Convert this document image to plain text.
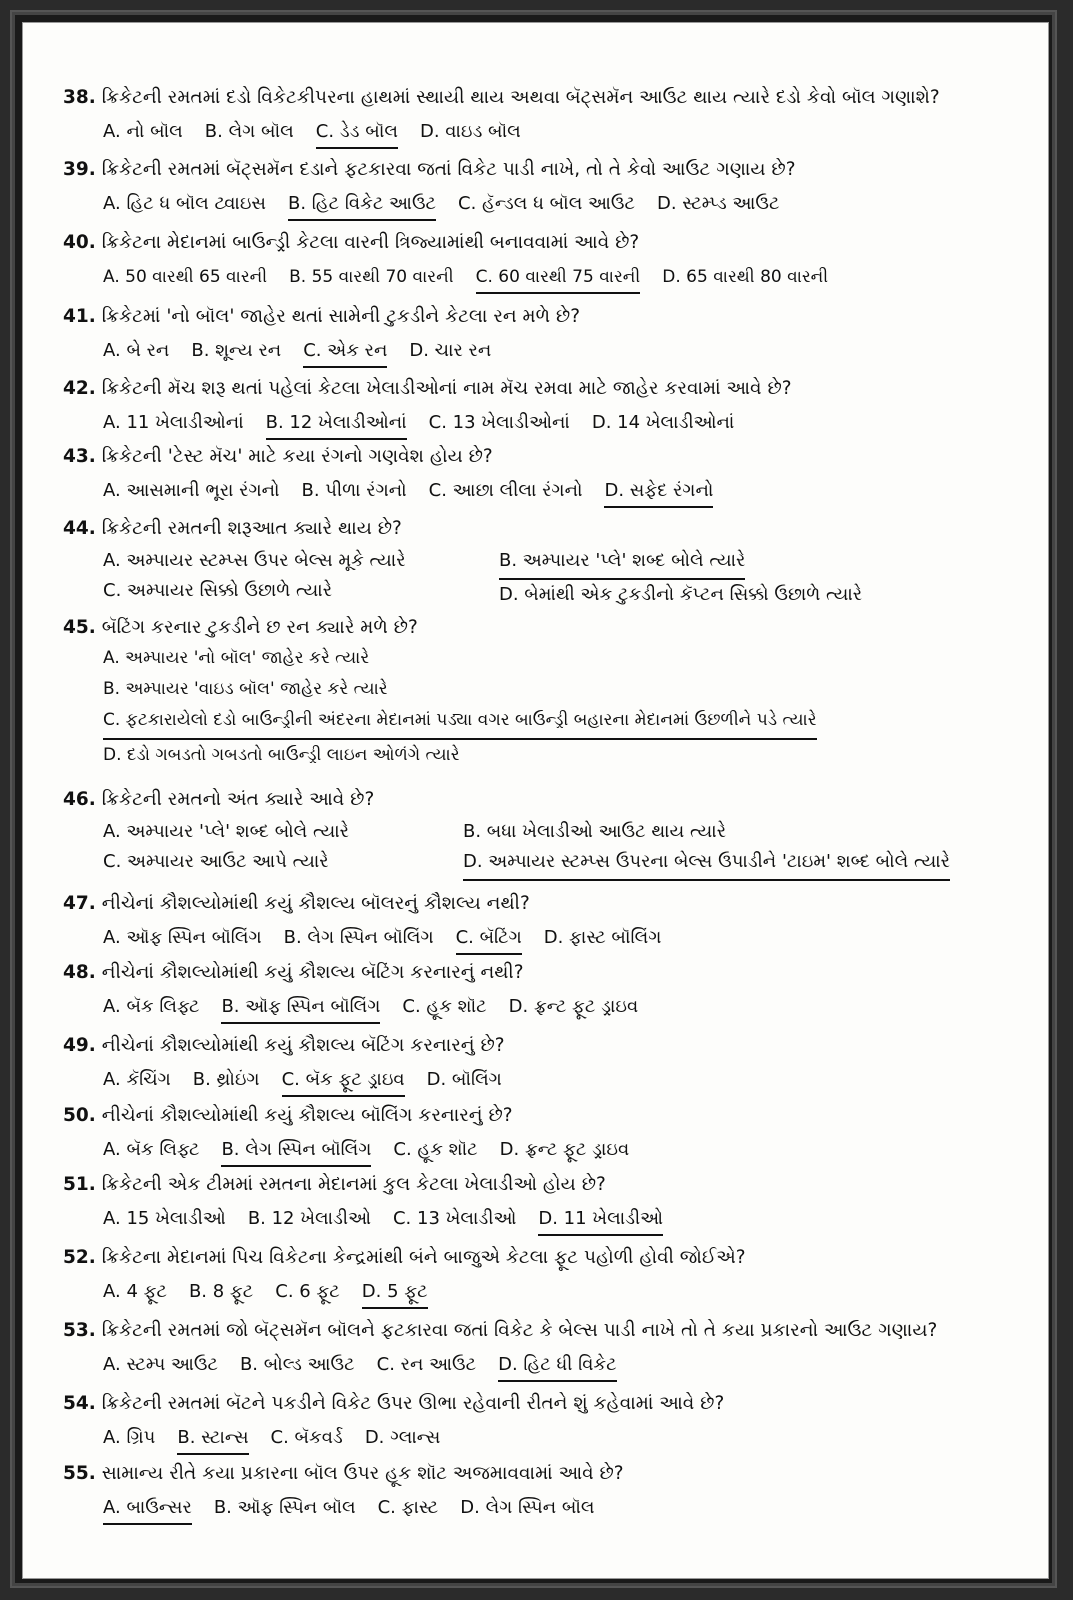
38. ક્રિકેટની રમતમાં દડો વિકેટકીપરના હાથમાં સ્થાયી થાય અથવા બૅટ્સમૅન આઉટ થાય ત્યારે દડો કેવો બૉલ ગણાશે?
A. નો બૉલ B. લેગ બૉલ C. ડેડ બૉલ D. વાઇડ બૉલ
39. ક્રિકેટની રમતમાં બૅટ્સમૅન દડાને ફટકારવા જતાં વિકેટ પાડી નાખે, તો તે કેવો આઉટ ગણાય છે?
A. હિટ ધ બૉલ ટ્વાઇસ B. હિટ વિકેટ આઉટ C. હૅન્ડલ ધ બૉલ આઉટ D. સ્ટમ્પ્ડ આઉટ
40. ક્રિકેટના મેદાનમાં બાઉન્ડ્રી કેટલા વારની ત્રિજ્યામાંથી બનાવવામાં આવે છે?
A. 50 વારથી 65 વારની B. 55 વારથી 70 વારની C. 60 વારથી 75 વારની D. 65 વારથી 80 વારની
41. ક્રિકેટમાં 'નો બૉલ' જાહેર થતાં સામેની ટુકડીને કેટલા રન મળે છે?
A. બે રન B. શૂન્ય રન C. એક રન D. ચાર રન
42. ક્રિકેટની મૅચ શરૂ થતાં પહેલાં કેટલા ખેલાડીઓનાં નામ મૅચ રમવા માટે જાહેર કરવામાં આવે છે?
A. 11 ખેલાડીઓનાં B. 12 ખેલાડીઓનાં C. 13 ખેલાડીઓનાં D. 14 ખેલાડીઓનાં
43. ક્રિકેટની 'ટેસ્ટ મૅચ' માટે કયા રંગનો ગણવેશ હોય છે?
A. આસમાની ભૂરા રંગનો B. પીળા રંગનો C. આછા લીલા રંગનો D. સફેદ રંગનો
44. ક્રિકેટની રમતની શરૂઆત ક્યારે થાય છે?
A. અમ્પાયર સ્ટમ્પ્સ ઉપર બેલ્સ મૂકે ત્યારે
C. અમ્પાયર સિક્કો ઉછાળે ત્યારે
B. અમ્પાયર 'પ્લે' શબ્દ બોલે ત્યારે
D. બેમાંથી એક ટુકડીનો કૅપ્ટન સિક્કો ઉછાળે ત્યારે
45. બૅટિંગ કરનાર ટુકડીને છ રન ક્યારે મળે છે?
A. અમ્પાયર 'નો બૉલ' જાહેર કરે ત્યારે
B. અમ્પાયર 'વાઇડ બૉલ' જાહેર કરે ત્યારે
C. ફટકારાયેલો દડો બાઉન્ડ્રીની અંદરના મેદાનમાં પડ્યા વગર બાઉન્ડ્રી બહારના મેદાનમાં ઉછળીને પડે ત્યારે
D. દડો ગબડતો ગબડતો બાઉન્ડ્રી લાઇન ઓળંગે ત્યારે

46. ક્રિકેટની રમતનો અંત ક્યારે આવે છે?
A. અમ્પાયર 'પ્લે' શબ્દ બોલે ત્યારે
C. અમ્પાયર આઉટ આપે ત્યારે
B. બધા ખેલાડીઓ આઉટ થાય ત્યારે
D. અમ્પાયર સ્ટમ્પ્સ ઉપરના બેલ્સ ઉપાડીને 'ટાઇમ' શબ્દ બોલે ત્યારે
47. નીચેનાં કૌશલ્યોમાંથી કયું કૌશલ્ય બૉલરનું કૌશલ્ય નથી?
A. ઑફ સ્પિન બૉલિંગ B. લેગ સ્પિન બૉલિંગ C. બૅટિંગ D. ફાસ્ટ બૉલિંગ
48. નીચેનાં કૌશલ્યોમાંથી કયું કૌશલ્ય બૅટિંગ કરનારનું નથી?
A. બૅક લિફ્ટ B. ઑફ સ્પિન બૉલિંગ C. હૂક શૉટ D. ફ્રન્ટ ફૂટ ડ્રાઇવ
49. નીચેનાં કૌશલ્યોમાંથી કયું કૌશલ્ય બૅટિંગ કરનારનું છે?
A. કૅચિંગ B. થ્રોઇંગ C. બૅક ફૂટ ડ્રાઇવ D. બૉલિંગ
50. નીચેનાં કૌશલ્યોમાંથી કયું કૌશલ્ય બૉલિંગ કરનારનું છે?
A. બૅક લિફ્ટ B. લેગ સ્પિન બૉલિંગ C. હૂક શૉટ D. ફ્રન્ટ ફૂટ ડ્રાઇવ
51. ક્રિકેટની એક ટીમમાં રમતના મેદાનમાં કુલ કેટલા ખેલાડીઓ હોય છે?
A. 15 ખેલાડીઓ B. 12 ખેલાડીઓ C. 13 ખેલાડીઓ D. 11 ખેલાડીઓ
52. ક્રિકેટના મેદાનમાં પિચ વિકેટના કેન્દ્રમાંથી બંને બાજુએ કેટલા ફૂટ પહોળી હોવી જોઈએ?
A. 4 ફૂટ B. 8 ફૂટ C. 6 ફૂટ D. 5 ફૂટ
53. ક્રિકેટની રમતમાં જો બૅટ્સમૅન બૉલને ફટકારવા જતાં વિકેટ કે બેલ્સ પાડી નાખે તો તે કયા પ્રકારનો આઉટ ગણાય?
A. સ્ટમ્પ આઉટ B. બોલ્ડ આઉટ C. રન આઉટ D. હિટ ધી વિકેટ
54. ક્રિકેટની રમતમાં બૅટને પકડીને વિકેટ ઉપર ઊભા રહેવાની રીતને શું કહેવામાં આવે છે?
A. ગ્રિપ B. સ્ટાન્સ C. બૅકવર્ડ D. ગ્લાન્સ
55. સામાન્ય રીતે કયા પ્રકારના બૉલ ઉપર હૂક શૉટ અજમાવવામાં આવે છે?
A. બાઉન્સર B. ઑફ સ્પિન બૉલ C. ફાસ્ટ D. લેગ સ્પિન બૉલ
